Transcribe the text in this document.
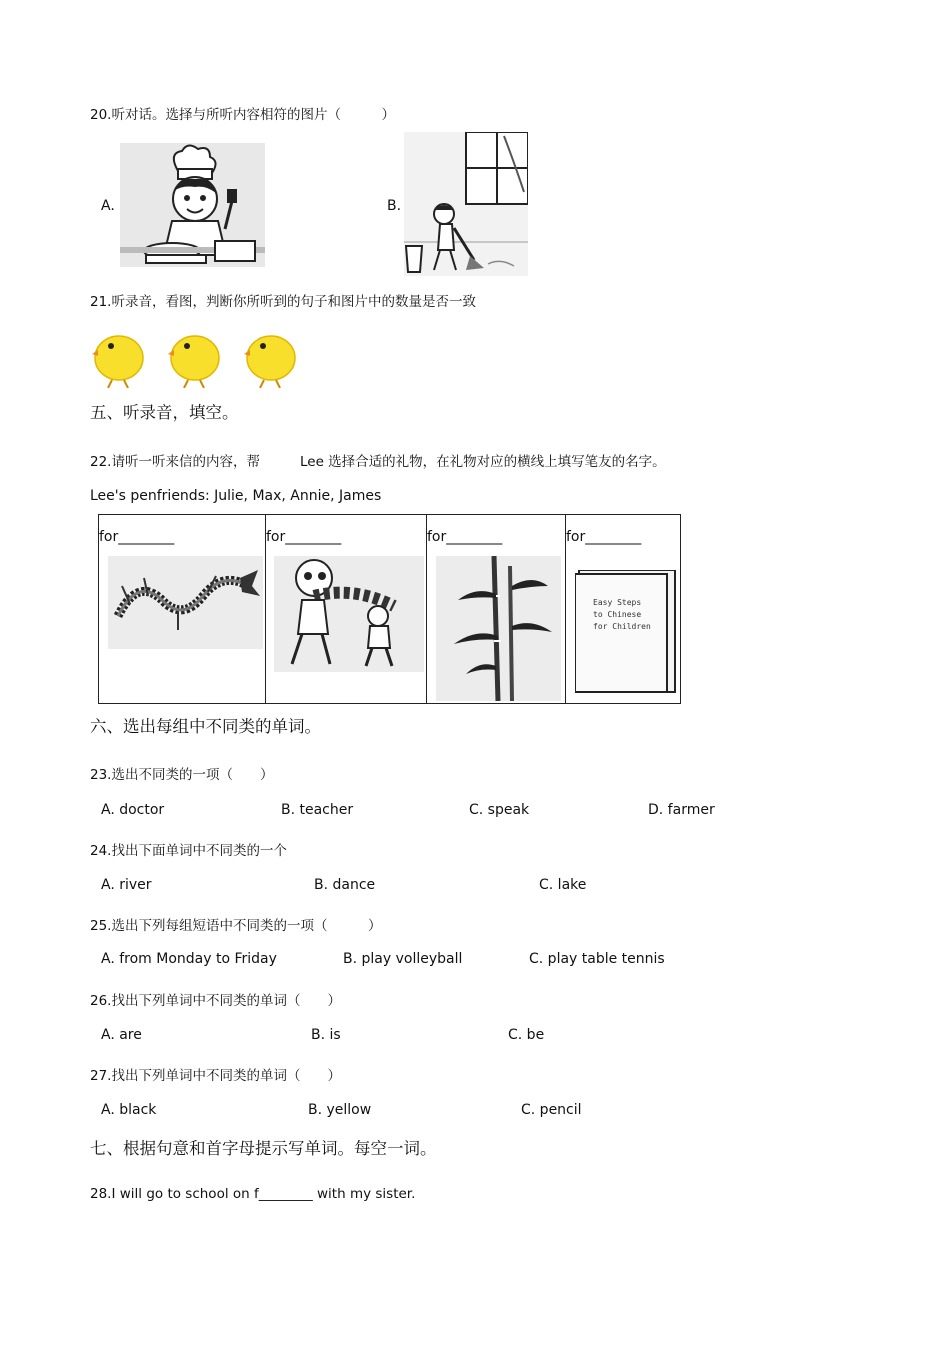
20.听对话。选择与所听内容相符的图片（　　　）
A.	B.
21.听录音，看图，判断你所听到的句子和图片中的数量是否一致
五、听录音，填空。
22.请听一听来信的内容，帮	Lee 选择合适的礼物，在礼物对应的横线上填写笔友的名字。
Lee's penfriends: Julie, Max, Annie, James
for________	for________	for________	for________
Easy Steps
to Chinese
for Children
六、选出每组中不同类的单词。
23.选出不同类的一项（　　）
A. doctor	B. teacher	C. speak	D. farmer
24.找出下面单词中不同类的一个
A. river	B. dance	C. lake
25.选出下列每组短语中不同类的一项（　　　）
A. from Monday to Friday	B. play volleyball	C. play table tennis
26.找出下列单词中不同类的单词（　　）
A. are	B. is	C. be
27.找出下列单词中不同类的单词（　　）
A. black	B. yellow	C. pencil
七、根据句意和首字母提示写单词。每空一词。
28.I will go to school on f________ with my sister.
